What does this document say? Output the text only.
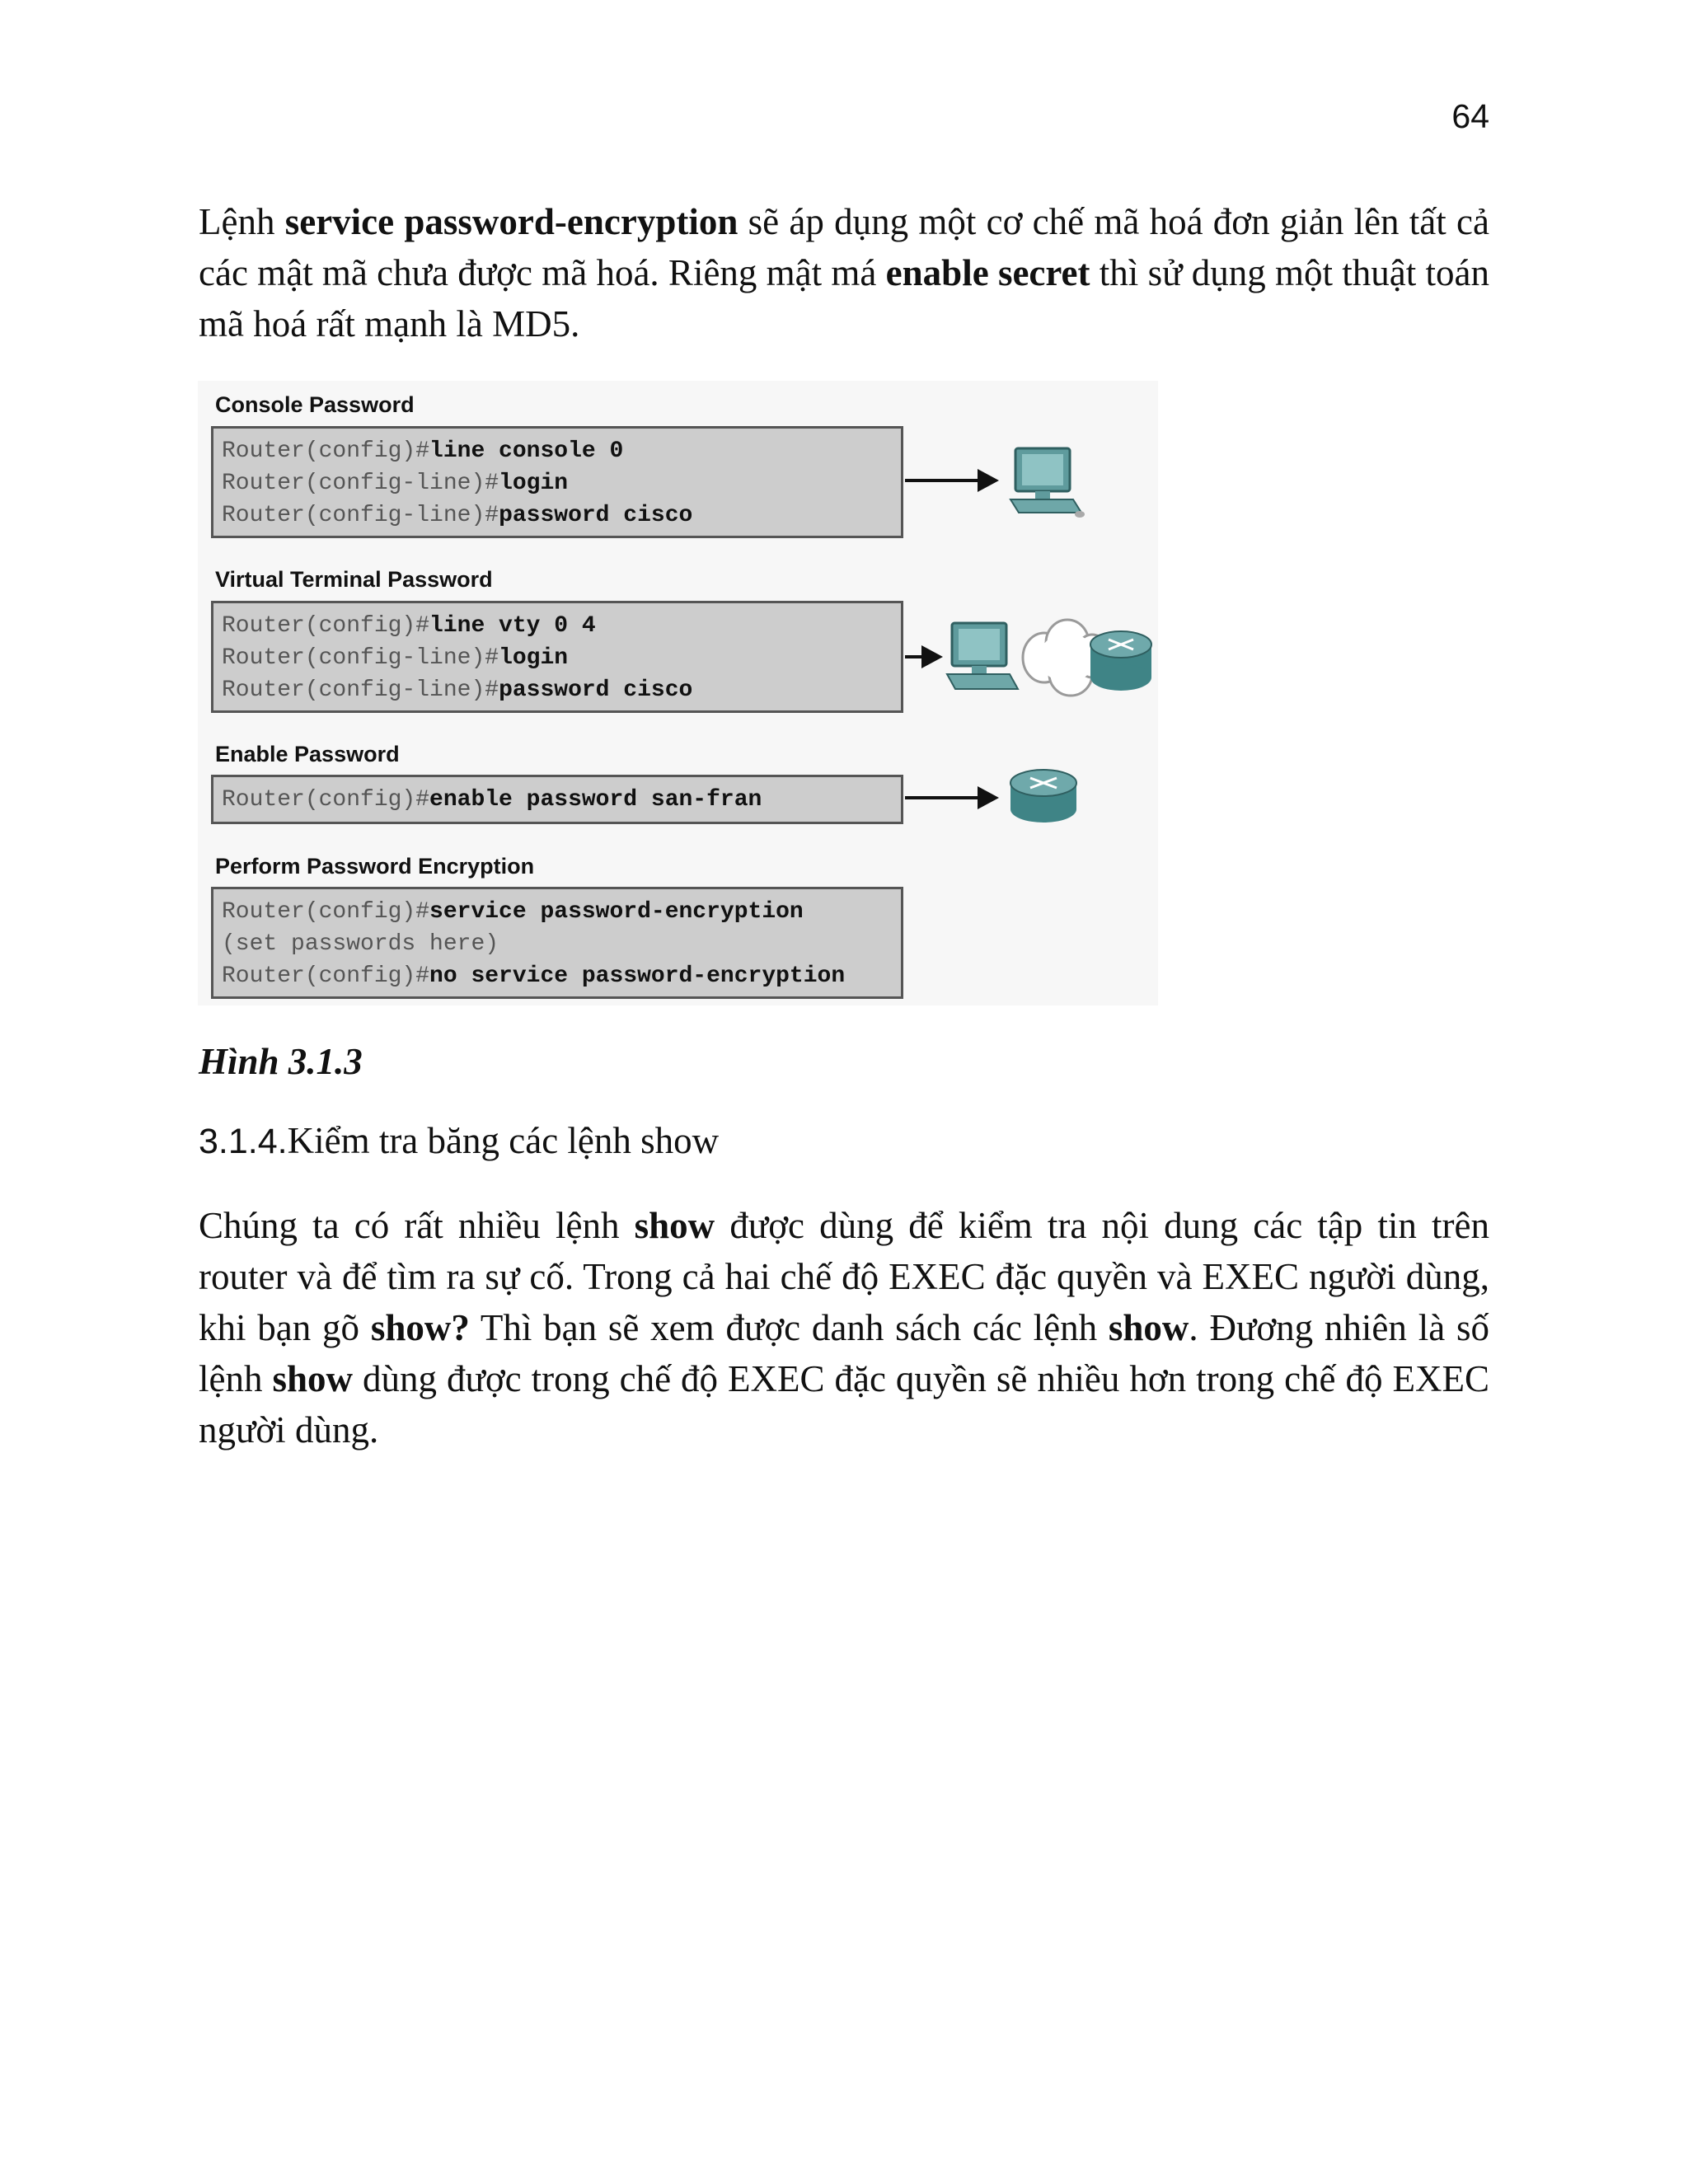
64

Lệnh service password-encryption sẽ áp dụng một cơ chế mã hoá đơn giản lên tất cả các mật mã chưa được mã hoá. Riêng mật má enable secret thì sử dụng một thuật toán mã hoá rất mạnh là MD5.

Console Password
Router(config)#line console 0
Router(config-line)#login
Router(config-line)#password cisco
Virtual Terminal Password
Router(config)#line vty 0 4
Router(config-line)#login
Router(config-line)#password cisco
Enable Password
Router(config)#enable password san-fran
Perform Password Encryption
Router(config)#service password-encryption
(set passwords here)
Router(config)#no service password-encryption
Hình 3.1.3
3.1.4.Kiểm tra băng các lệnh show

Chúng ta có rất nhiều lệnh show được dùng để kiểm tra nội dung các tập tin trên router và để tìm ra sự cố. Trong cả hai chế độ EXEC đặc quyền và EXEC người dùng, khi bạn gõ show? Thì bạn sẽ xem được danh sách các lệnh show. Đương nhiên là số lệnh show dùng được trong chế độ EXEC đặc quyền sẽ nhiều hơn trong chế độ EXEC người dùng.
